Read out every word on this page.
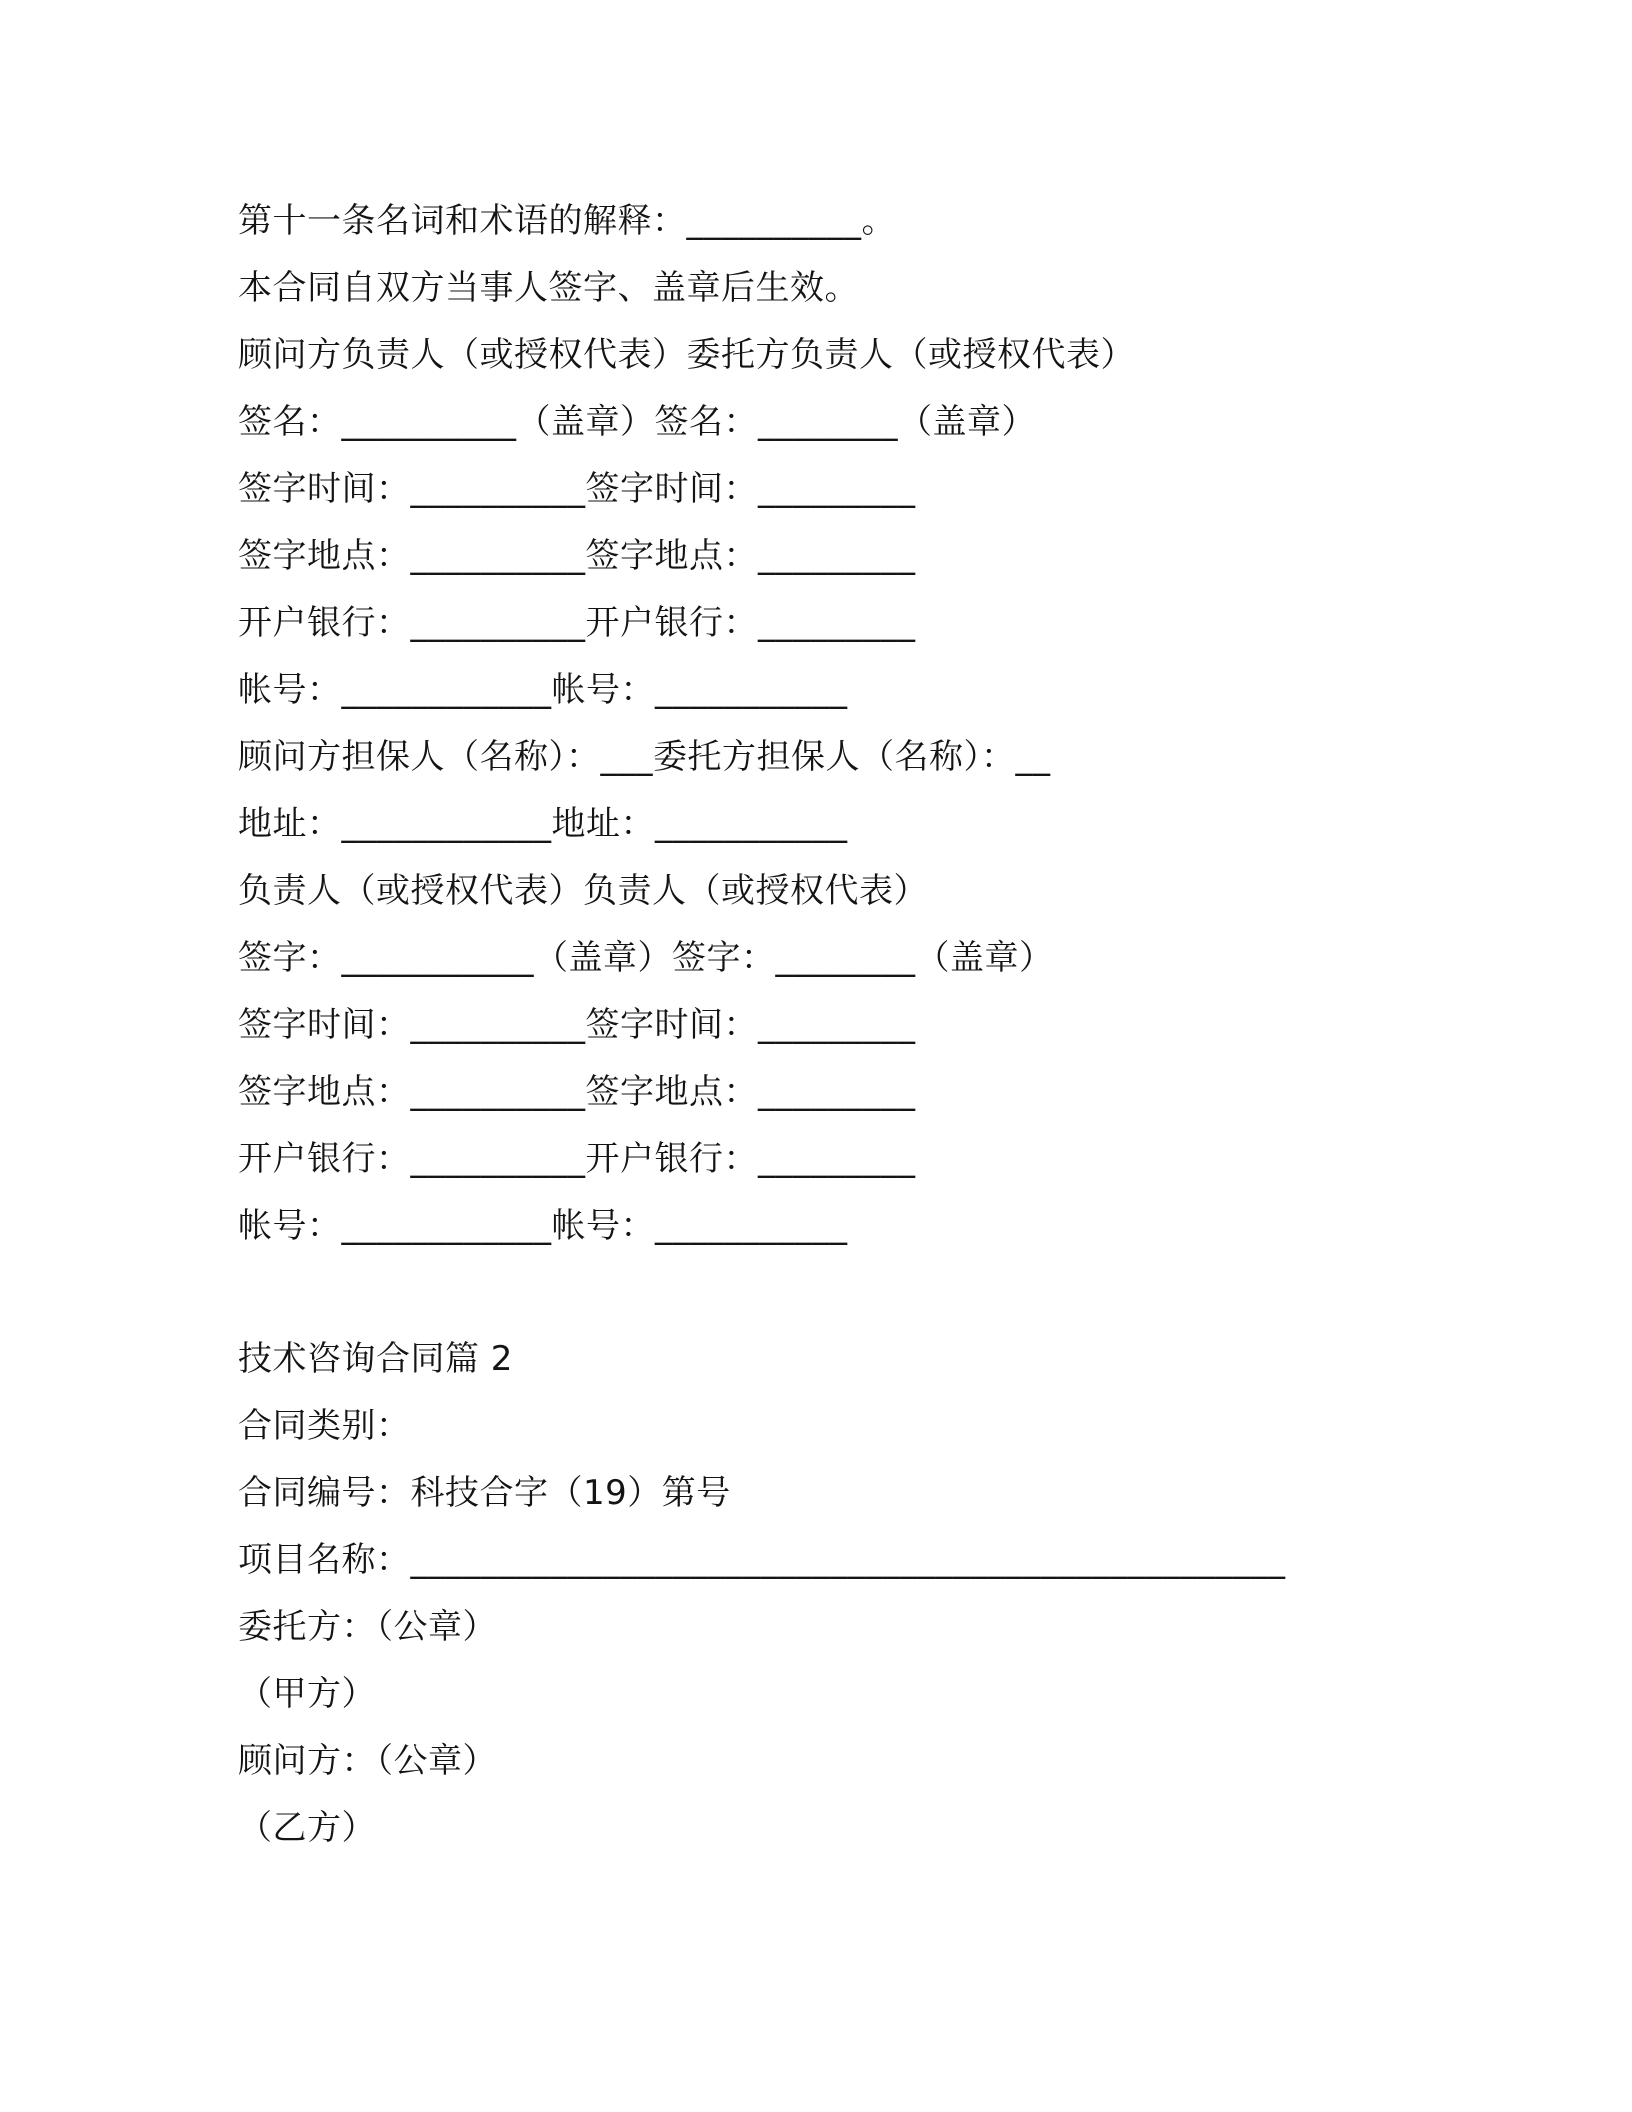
第十一条名词和术语的解释：__________。
本合同自双方当事人签字、盖章后生效。
顾问方负责人（或授权代表）委托方负责人（或授权代表）
签名：__________（盖章）签名：________（盖章）
签字时间：__________签字时间：_________
签字地点：__________签字地点：_________
开户银行：__________开户银行：_________
帐号：____________帐号：___________
顾问方担保人（名称）：___委托方担保人（名称）：__
地址：____________地址：___________
负责人（或授权代表）负责人（或授权代表）
签字：___________（盖章）签字：________（盖章）
签字时间：__________签字时间：_________
签字地点：__________签字地点：_________
开户银行：__________开户银行：_________
帐号：____________帐号：___________
技术咨询合同篇 2
合同类别：
合同编号：科技合字（19）第号
项目名称：__________________________________________________
委托方：（公章）
（甲方）
顾问方：（公章）
（乙方）
